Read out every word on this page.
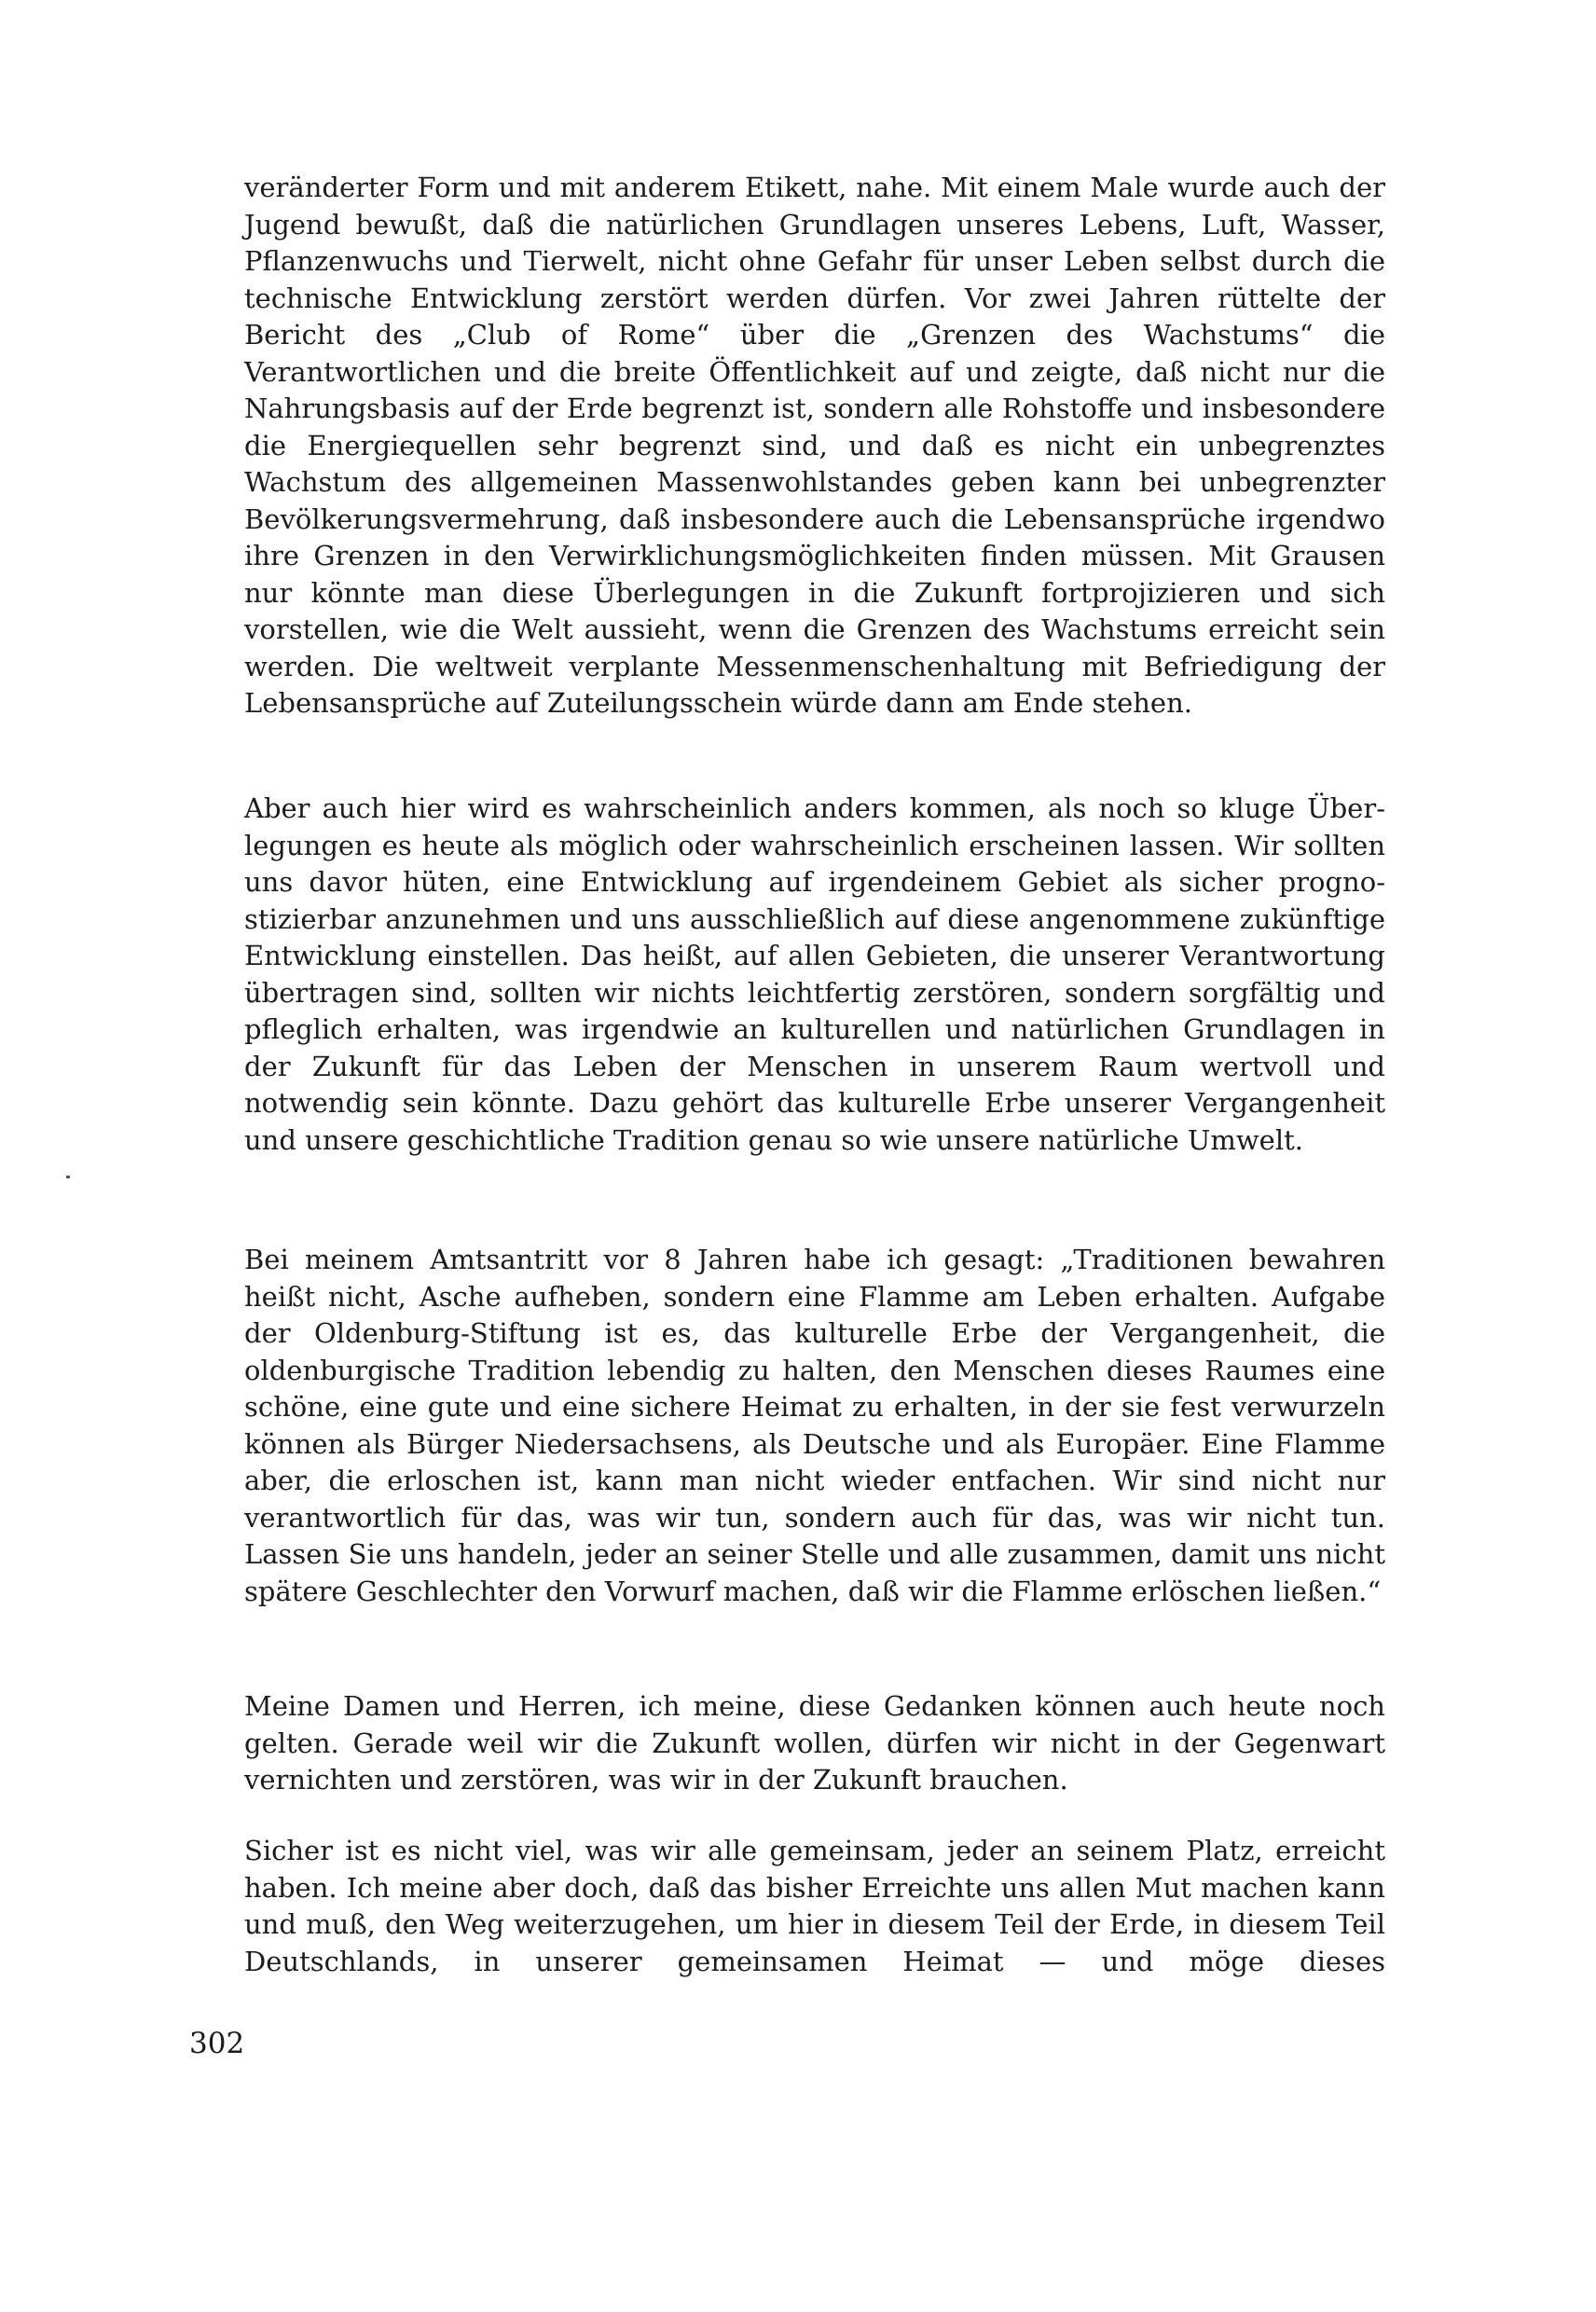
veränderter Form und mit anderem Etikett, nahe. Mit einem Male wurde auch der Jugend bewußt, daß die natürlichen Grundlagen unseres Lebens, Luft, Wasser, Pflanzenwuchs und Tierwelt, nicht ohne Gefahr für unser Leben selbst durch die technische Entwicklung zerstört werden dürfen. Vor zwei Jahren rüttelte der Bericht des „Club of Rome“ über die „Grenzen des Wachstums“ die Verantwortlichen und die breite Öffentlichkeit auf und zeigte, daß nicht nur die Nahrungsbasis auf der Erde begrenzt ist, sondern alle Rohstoffe und insbesondere die Energiequellen sehr begrenzt sind, und daß es nicht ein unbegrenztes Wachstum des allgemeinen Massenwohlstandes geben kann bei unbegrenzter Bevölkerungsvermehrung, daß insbesondere auch die Lebensansprüche irgendwo ihre Grenzen in den Verwirklichungsmöglichkeiten finden müssen. Mit Grausen nur könnte man diese Überlegungen in die Zukunft fortprojizieren und sich vorstellen, wie die Welt aussieht, wenn die Grenzen des Wachstums erreicht sein werden. Die weltweit verplante Messenmenschenhaltung mit Befriedigung der Lebensansprüche auf Zuteilungsschein würde dann am Ende stehen.

Aber auch hier wird es wahrscheinlich anders kommen, als noch so kluge Überlegungen es heute als möglich oder wahrscheinlich erscheinen lassen. Wir sollten uns davor hüten, eine Entwicklung auf irgendeinem Gebiet als sicher prognostizierbar anzunehmen und uns ausschließlich auf diese angenommene zukünftige Entwicklung einstellen. Das heißt, auf allen Gebieten, die unserer Verantwortung übertragen sind, sollten wir nichts leichtfertig zerstören, sondern sorgfältig und pfleglich erhalten, was irgendwie an kulturellen und natürlichen Grundlagen in der Zukunft für das Leben der Menschen in unserem Raum wertvoll und notwendig sein könnte. Dazu gehört das kulturelle Erbe unserer Vergangenheit und unsere geschichtliche Tradition genau so wie unsere natürliche Umwelt.

Bei meinem Amtsantritt vor 8 Jahren habe ich gesagt: „Traditionen bewahren heißt nicht, Asche aufheben, sondern eine Flamme am Leben erhalten. Aufgabe der Oldenburg-Stiftung ist es, das kulturelle Erbe der Vergangenheit, die oldenburgische Tradition lebendig zu halten, den Menschen dieses Raumes eine schöne, eine gute und eine sichere Heimat zu erhalten, in der sie fest verwurzeln können als Bürger Niedersachsens, als Deutsche und als Europäer. Eine Flamme aber, die erloschen ist, kann man nicht wieder entfachen. Wir sind nicht nur verantwortlich für das, was wir tun, sondern auch für das, was wir nicht tun. Lassen Sie uns handeln, jeder an seiner Stelle und alle zusammen, damit uns nicht spätere Geschlechter den Vorwurf machen, daß wir die Flamme erlöschen ließen.“

Meine Damen und Herren, ich meine, diese Gedanken können auch heute noch gelten. Gerade weil wir die Zukunft wollen, dürfen wir nicht in der Gegenwart vernichten und zerstören, was wir in der Zukunft brauchen.

Sicher ist es nicht viel, was wir alle gemeinsam, jeder an seinem Platz, erreicht haben. Ich meine aber doch, daß das bisher Erreichte uns allen Mut machen kann und muß, den Weg weiterzugehen, um hier in diesem Teil der Erde, in diesem Teil Deutschlands, in unserer gemeinsamen Heimat — und möge dieses

302
